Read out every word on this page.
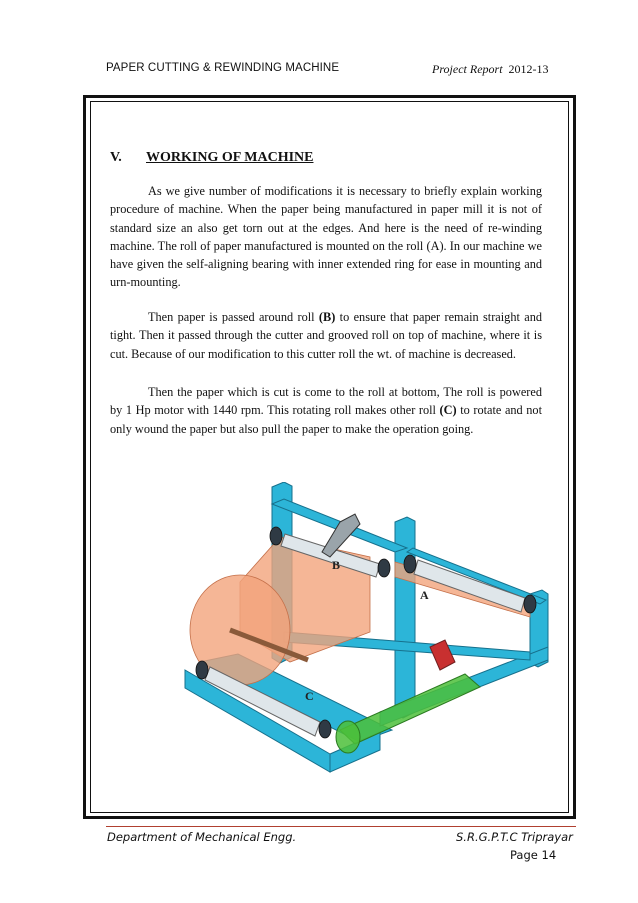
PAPER CUTTING & REWINDING MACHINE	Project Report 2012-13
V. WORKING OF MACHINE

As we give number of modifications it is necessary to briefly explain working procedure of machine. When the paper being manufactured in paper mill it is not of standard size an also get torn out at the edges. And here is the need of re-winding machine. The roll of paper manufactured is mounted on the roll (A). In our machine we have given the self-aligning bearing with inner extended ring for ease in mounting and urn-mounting.

Then paper is passed around roll (B) to ensure that paper remain straight and tight. Then it passed through the cutter and grooved roll on top of machine, where it is cut. Because of our modification to this cutter roll the wt. of machine is decreased.

Then the paper which is cut is come to the roll at bottom, The roll is powered by 1 Hp motor with 1440 rpm. This rotating roll makes other roll (C) to rotate and not only wound the paper but also pull the paper to make the operation going.

A
B
C
Department of Mechanical Engg.	S.R.G.P.T.C Triprayar
Page 14
